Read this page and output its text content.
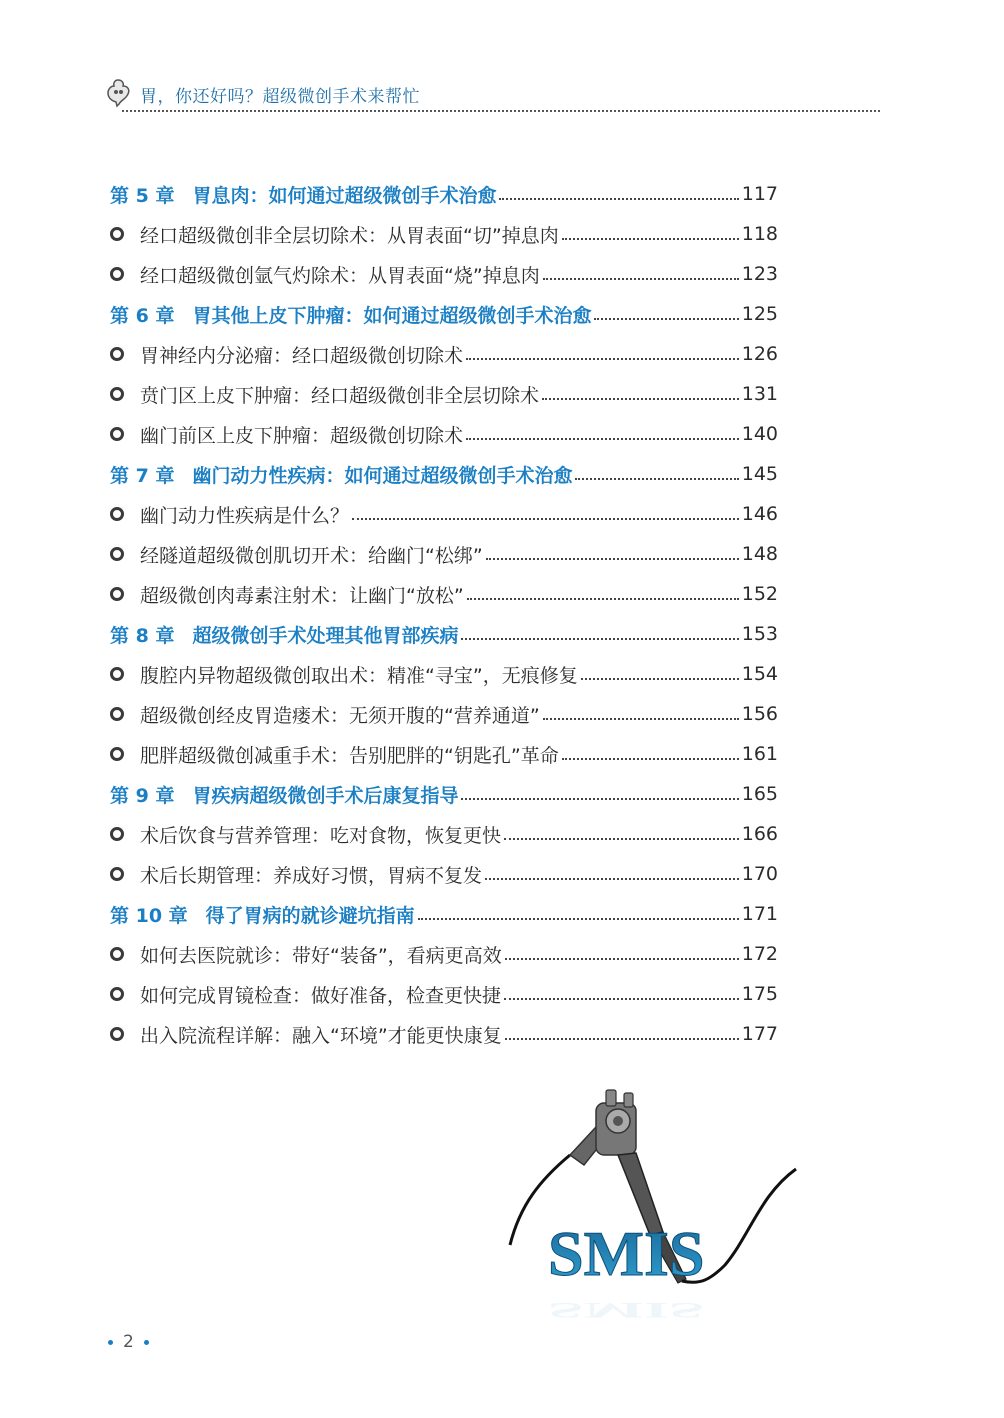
胃，你还好吗？超级微创手术来帮忙
第 5 章 胃息肉：如何通过超级微创手术治愈	117
经口超级微创非全层切除术：从胃表面“切”掉息肉	118
经口超级微创氩气灼除术：从胃表面“烧”掉息肉	123
第 6 章 胃其他上皮下肿瘤：如何通过超级微创手术治愈	125
胃神经内分泌瘤：经口超级微创切除术	126
贲门区上皮下肿瘤：经口超级微创非全层切除术	131
幽门前区上皮下肿瘤：超级微创切除术	140
第 7 章 幽门动力性疾病：如何通过超级微创手术治愈	145
幽门动力性疾病是什么？	146
经隧道超级微创肌切开术：给幽门“松绑”	148
超级微创肉毒素注射术：让幽门“放松”	152
第 8 章 超级微创手术处理其他胃部疾病	153
腹腔内异物超级微创取出术：精准“寻宝”，无痕修复	154
超级微创经皮胃造瘘术：无须开腹的“营养通道”	156
肥胖超级微创减重手术：告别肥胖的“钥匙孔”革命	161
第 9 章 胃疾病超级微创手术后康复指导	165
术后饮食与营养管理：吃对食物，恢复更快	166
术后长期管理：养成好习惯，胃病不复发	170
第 10 章 得了胃病的就诊避坑指南	171
如何去医院就诊：带好“装备”，看病更高效	172
如何完成胃镜检查：做好准备，检查更快捷	175
出入院流程详解：融入“环境”才能更快康复	177
SMIS
SMIS
2
